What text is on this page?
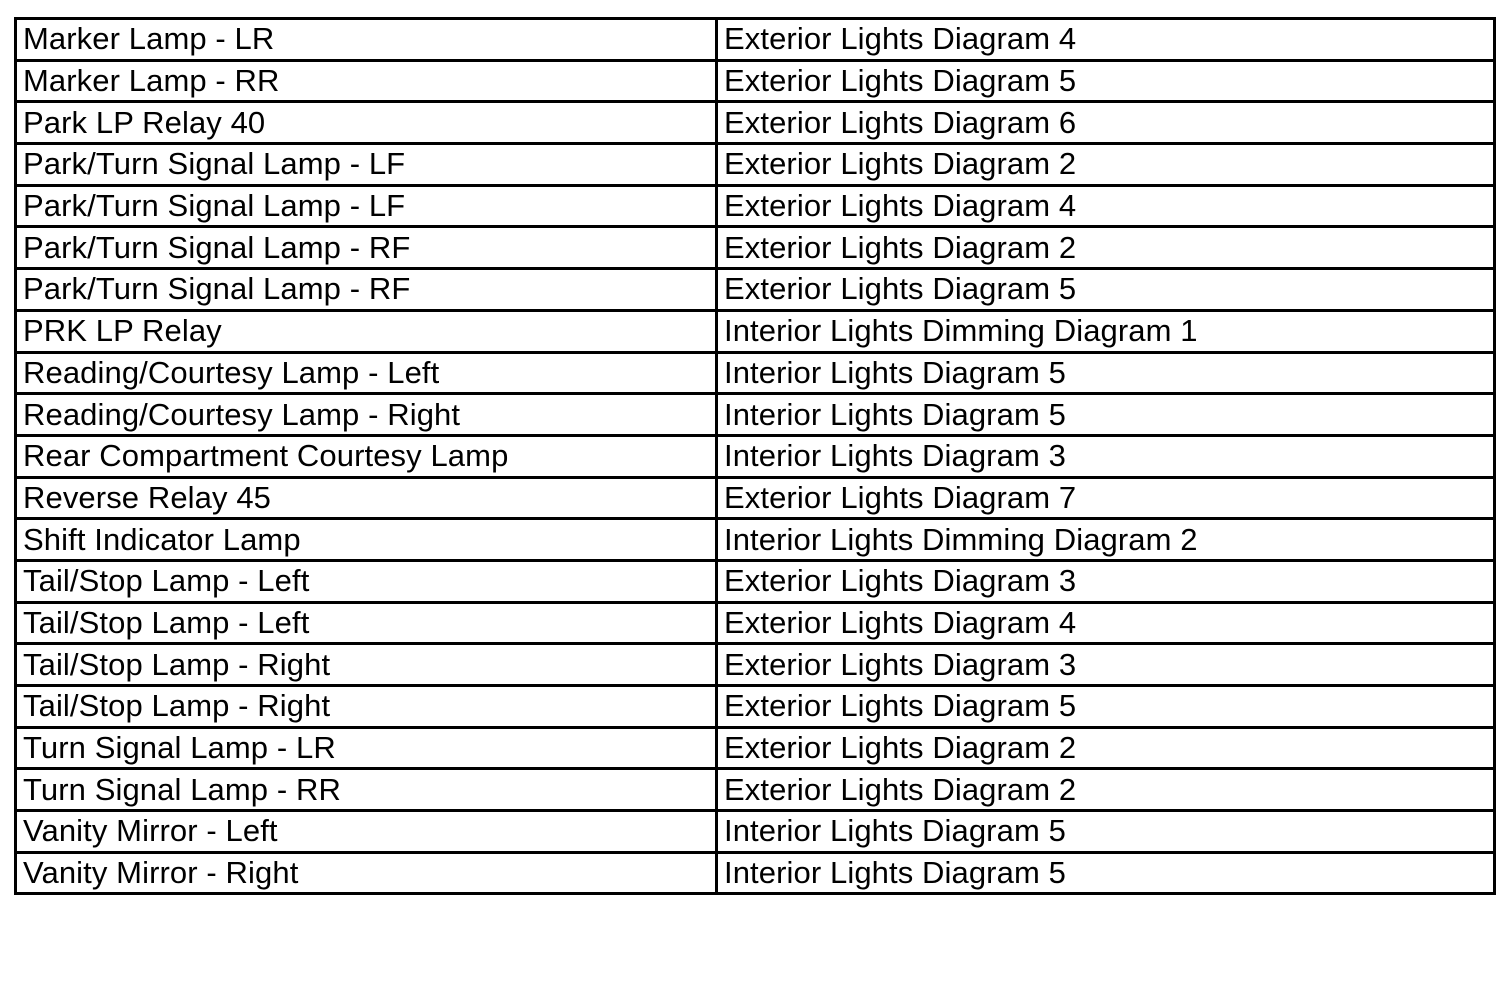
Marker Lamp - LR	Exterior Lights Diagram 4
Marker Lamp - RR	Exterior Lights Diagram 5
Park LP Relay 40	Exterior Lights Diagram 6
Park/Turn Signal Lamp - LF	Exterior Lights Diagram 2
Park/Turn Signal Lamp - LF	Exterior Lights Diagram 4
Park/Turn Signal Lamp - RF	Exterior Lights Diagram 2
Park/Turn Signal Lamp - RF	Exterior Lights Diagram 5
PRK LP Relay	Interior Lights Dimming Diagram 1
Reading/Courtesy Lamp - Left	Interior Lights Diagram 5
Reading/Courtesy Lamp - Right	Interior Lights Diagram 5
Rear Compartment Courtesy Lamp	Interior Lights Diagram 3
Reverse Relay 45	Exterior Lights Diagram 7
Shift Indicator Lamp	Interior Lights Dimming Diagram 2
Tail/Stop Lamp - Left	Exterior Lights Diagram 3
Tail/Stop Lamp - Left	Exterior Lights Diagram 4
Tail/Stop Lamp - Right	Exterior Lights Diagram 3
Tail/Stop Lamp - Right	Exterior Lights Diagram 5
Turn Signal Lamp - LR	Exterior Lights Diagram 2
Turn Signal Lamp - RR	Exterior Lights Diagram 2
Vanity Mirror - Left	Interior Lights Diagram 5
Vanity Mirror - Right	Interior Lights Diagram 5
